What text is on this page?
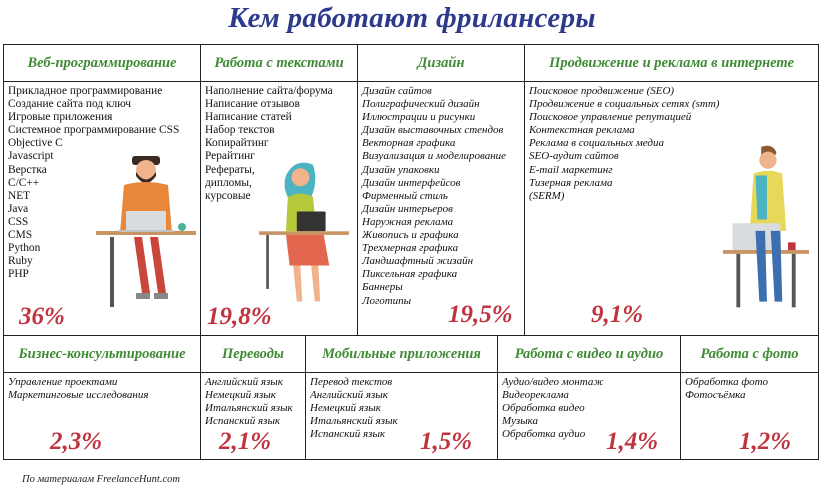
Кем работают фрилансеры
Веб-программирование
Прикладное программирование
Создание сайта под ключ
Игровые приложения
Системное программирование CSS
Objective C
Javascript
Верстка
C/C++
NET
Java
CSS
CMS
Python
Ruby
PHP
36%
Работа с текстами
Наполнение сайта/форума
Написание отзывов
Написание статей
Набор текстов
Копирайтинг
Рерайтинг
Рефераты,
дипломы,
курсовые
19,8%
Дизайн
Дизайн сайтов
Полиграфический дизайн
Иллюстрации и рисунки
Дизайн выставочных стендов
Векторная графика
Визуализация и моделирование
Дизайн упаковки
Дизайн интерфейсов
Фирменный стиль
Дизайн интерьеров
Наружная реклама
Живопись и графика
Трехмерная графика
Ландшафтный жизайн
Пиксельная графика
Баннеры
Логотипы
19,5%
Продвижение и реклама в интернете
Поисковое продвижение (SEO)
Продвижение в социальных сетях (smm)
Поисковое управление репутацией
Контекстная реклама
Реклама в социальных медиа
SEO-аудит сайтов
E-mail маркетинг
Тизерная реклама
(SERM)
9,1%
Бизнес-консультирование
Управление проектами
Маркетинговые исследования
2,3%
Переводы
Английский язык
Немецкий язык
Итальянский язык
Испанский язык
2,1%
Мобильные приложения
Перевод текстов
Английский язык
Немецкий язык
Итальянский язык
Испанский язык	1,5%
Работа с видео и аудио
Аудио/видео монтаж
Видеореклама
Обработка видео
Музыка
Обработка аудио 1,4%
Работа с фото
Обработка фото
Фотосъёмка
1,2%
По материалам FreelanceHunt.com
